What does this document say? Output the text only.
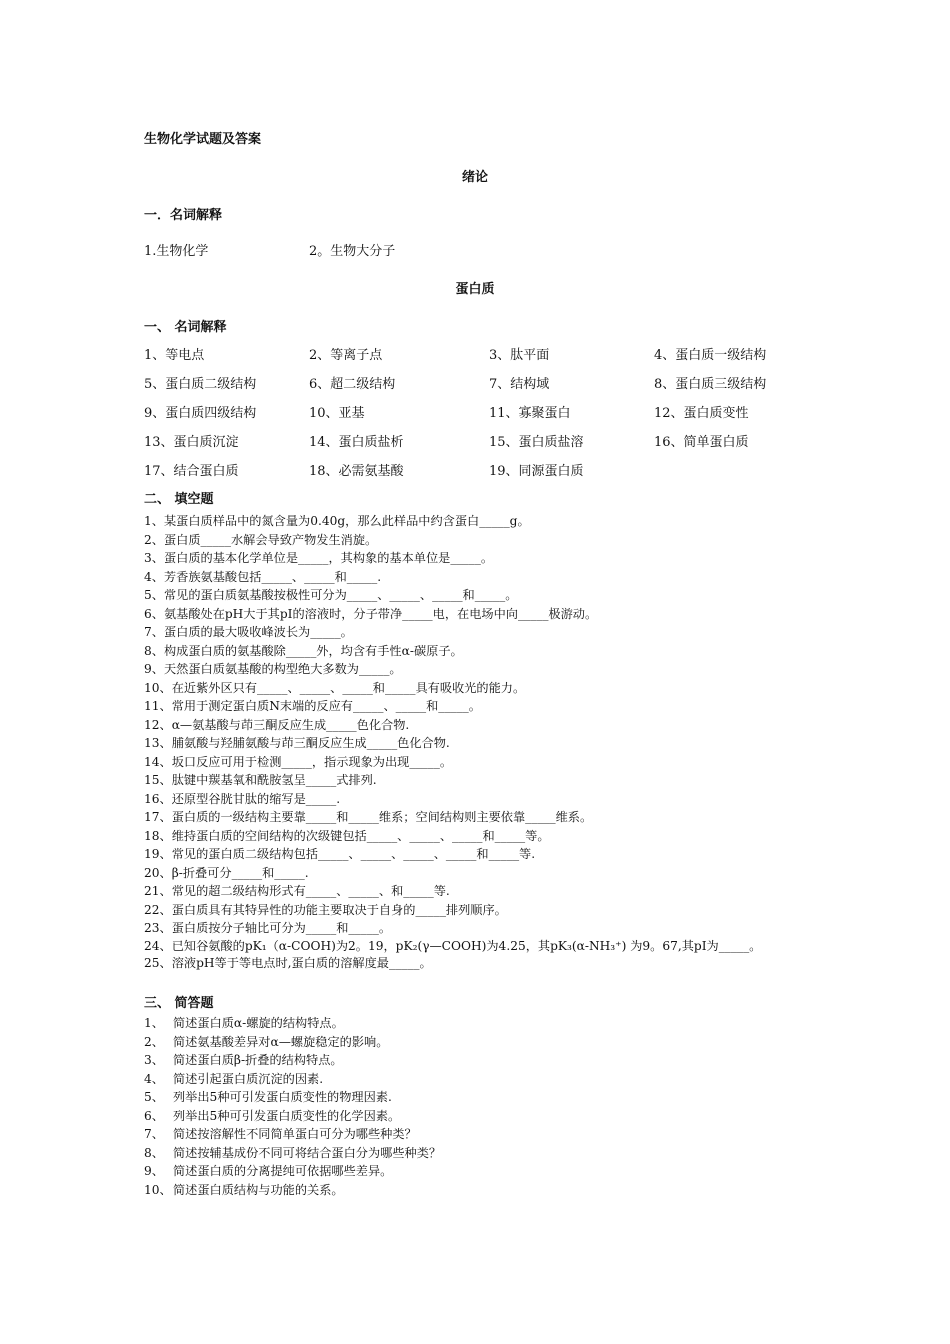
生物化学试题及答案
绪论
一．名词解释
1.生物化学	2。生物大分子
蛋白质
一、 名词解释
1、等电点	2、等离子点	3、肽平面	4、蛋白质一级结构
5、蛋白质二级结构	6、超二级结构	7、结构域	8、蛋白质三级结构
9、蛋白质四级结构	10、亚基	11、寡聚蛋白	12、蛋白质变性
13、蛋白质沉淀	14、蛋白质盐析	15、蛋白质盐溶	16、简单蛋白质
17、结合蛋白质	18、必需氨基酸	19、同源蛋白质
二、 填空题
1、某蛋白质样品中的氮含量为0.40g，那么此样品中约含蛋白_____g。
2、蛋白质_____水解会导致产物发生消旋。
3、蛋白质的基本化学单位是_____，其构象的基本单位是_____。
4、芳香族氨基酸包括_____、_____和_____.
5、常见的蛋白质氨基酸按极性可分为_____、_____、_____和_____。
6、氨基酸处在pH大于其pI的溶液时，分子带净_____电，在电场中向_____极游动。
7、蛋白质的最大吸收峰波长为_____。
8、构成蛋白质的氨基酸除_____外，均含有手性α-碳原子。
9、天然蛋白质氨基酸的构型绝大多数为_____。
10、在近紫外区只有_____、_____、_____和_____具有吸收光的能力。
11、常用于测定蛋白质N末端的反应有_____、_____和_____。
12、α—氨基酸与茚三酮反应生成_____色化合物.
13、脯氨酸与羟脯氨酸与茚三酮反应生成_____色化合物.
14、坂口反应可用于检测_____，指示现象为出现_____。
15、肽键中羰基氧和酰胺氢呈_____式排列.
16、还原型谷胱甘肽的缩写是_____.
17、蛋白质的一级结构主要靠_____和_____维系；空间结构则主要依靠_____维系。
18、维持蛋白质的空间结构的次级键包括_____、_____、_____和_____等。
19、常见的蛋白质二级结构包括_____、_____、_____、_____和_____等.
20、β-折叠可分_____和_____.
21、常见的超二级结构形式有_____、_____、和_____等.
22、蛋白质具有其特异性的功能主要取决于自身的_____排列顺序。
23、蛋白质按分子轴比可分为_____和_____。
24、已知谷氨酸的pK₁（α-COOH)为2。19，pK₂(γ—COOH)为4.25，其pK₃(α-NH₃⁺) 为9。67,其pI为_____。
25、溶液pH等于等电点时,蛋白质的溶解度最_____。
三、 简答题
1、 简述蛋白质α-螺旋的结构特点。
2、 简述氨基酸差异对α—螺旋稳定的影响。
3、 简述蛋白质β-折叠的结构特点。
4、 简述引起蛋白质沉淀的因素.
5、 列举出5种可引发蛋白质变性的物理因素.
6、 列举出5种可引发蛋白质变性的化学因素。
7、 简述按溶解性不同简单蛋白可分为哪些种类？
8、 简述按辅基成份不同可将结合蛋白分为哪些种类？
9、 简述蛋白质的分离提纯可依据哪些差异。
10、 简述蛋白质结构与功能的关系。
